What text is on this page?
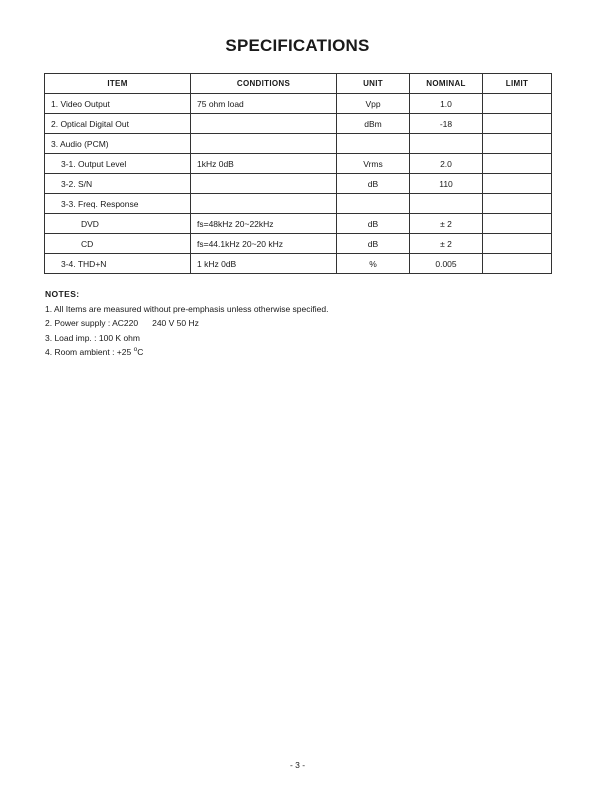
SPECIFICATIONS
ITEM	CONDITIONS	UNIT	NOMINAL	LIMIT
1. Video Output	75 ohm load	Vpp	1.0	
2. Optical Digital Out		dBm	-18	
3. Audio (PCM)				
3-1. Output Level	1kHz 0dB	Vrms	2.0	
3-2. S/N		dB	110	
3-3. Freq. Response				
DVD	fs=48kHz 20~22kHz	dB	± 2	
CD	fs=44.1kHz 20~20 kHz	dB	± 2	
3-4. THD+N	1 kHz 0dB	%	0.005	
NOTES:
1. All Items are measured without pre-emphasis unless otherwise specified.
2. Power supply : AC220 240 V 50 Hz
3. Load imp. : 100 K ohm
4. Room ambient : +25 $^o$C
- 3 -
